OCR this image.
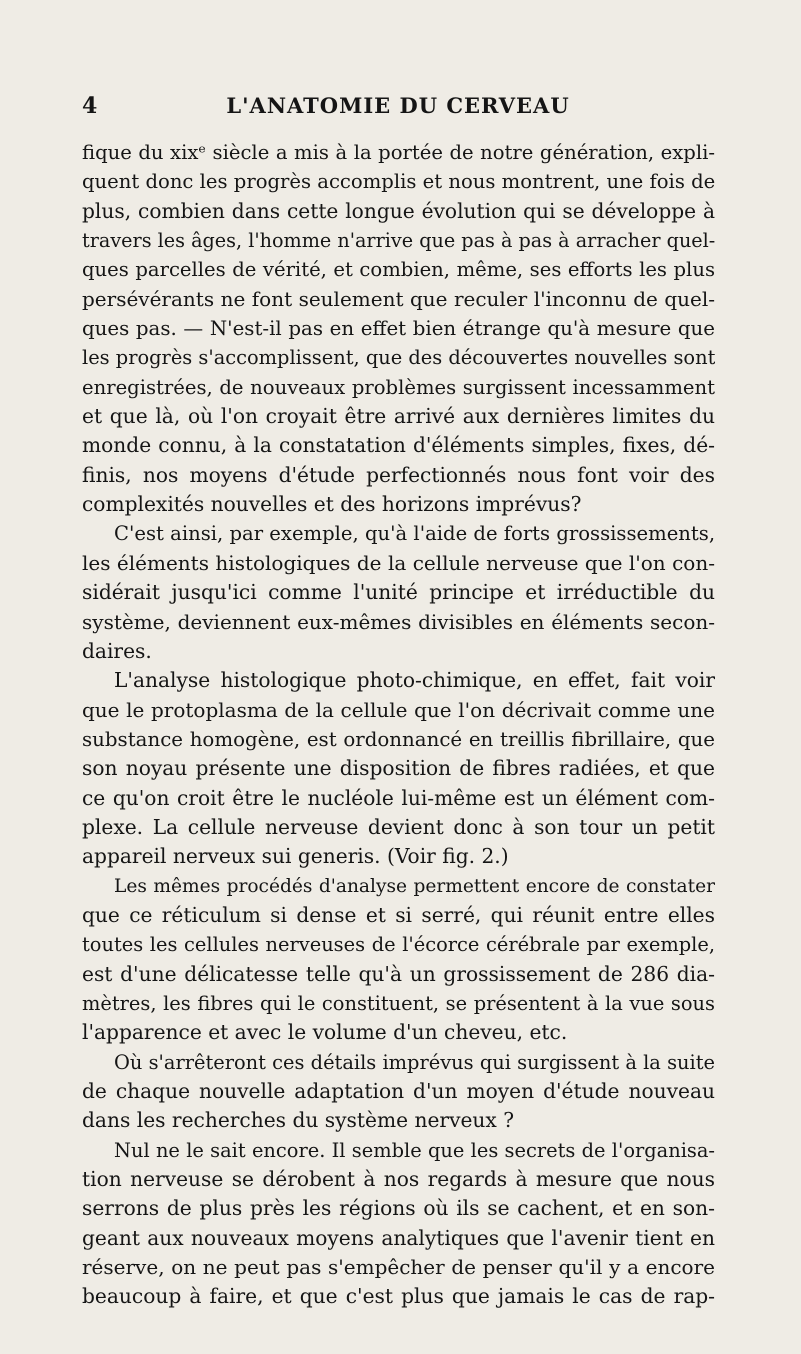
4	L'ANATOMIE DU CERVEAU
fique du xixᵉ siècle a mis à la portée de notre génération, expli-
quent donc les progrès accomplis et nous montrent, une fois de
plus, combien dans cette longue évolution qui se développe à
travers les âges, l'homme n'arrive que pas à pas à arracher quel-
ques parcelles de vérité, et combien, même, ses efforts les plus
persévérants ne font seulement que reculer l'inconnu de quel-
ques pas. — N'est-il pas en effet bien étrange qu'à mesure que
les progrès s'accomplissent, que des découvertes nouvelles sont
enregistrées, de nouveaux problèmes surgissent incessamment
et que là, où l'on croyait être arrivé aux dernières limites du
monde connu, à la constatation d'éléments simples, fixes, dé-
finis, nos moyens d'étude perfectionnés nous font voir des
complexités nouvelles et des horizons imprévus?
C'est ainsi, par exemple, qu'à l'aide de forts grossissements,
les éléments histologiques de la cellule nerveuse que l'on con-
sidérait jusqu'ici comme l'unité principe et irréductible du
système, deviennent eux-mêmes divisibles en éléments secon-
daires.
L'analyse histologique photo-chimique, en effet, fait voir
que le protoplasma de la cellule que l'on décrivait comme une
substance homogène, est ordonnancé en treillis fibrillaire, que
son noyau présente une disposition de fibres radiées, et que
ce qu'on croit être le nucléole lui-même est un élément com-
plexe. La cellule nerveuse devient donc à son tour un petit
appareil nerveux sui generis. (Voir fig. 2.)
Les mêmes procédés d'analyse permettent encore de constater
que ce réticulum si dense et si serré, qui réunit entre elles
toutes les cellules nerveuses de l'écorce cérébrale par exemple,
est d'une délicatesse telle qu'à un grossissement de 286 dia-
mètres, les fibres qui le constituent, se présentent à la vue sous
l'apparence et avec le volume d'un cheveu, etc.
Où s'arrêteront ces détails imprévus qui surgissent à la suite
de chaque nouvelle adaptation d'un moyen d'étude nouveau
dans les recherches du système nerveux ?
Nul ne le sait encore. Il semble que les secrets de l'organisa-
tion nerveuse se dérobent à nos regards à mesure que nous
serrons de plus près les régions où ils se cachent, et en son-
geant aux nouveaux moyens analytiques que l'avenir tient en
réserve, on ne peut pas s'empêcher de penser qu'il y a encore
beaucoup à faire, et que c'est plus que jamais le cas de rap-
